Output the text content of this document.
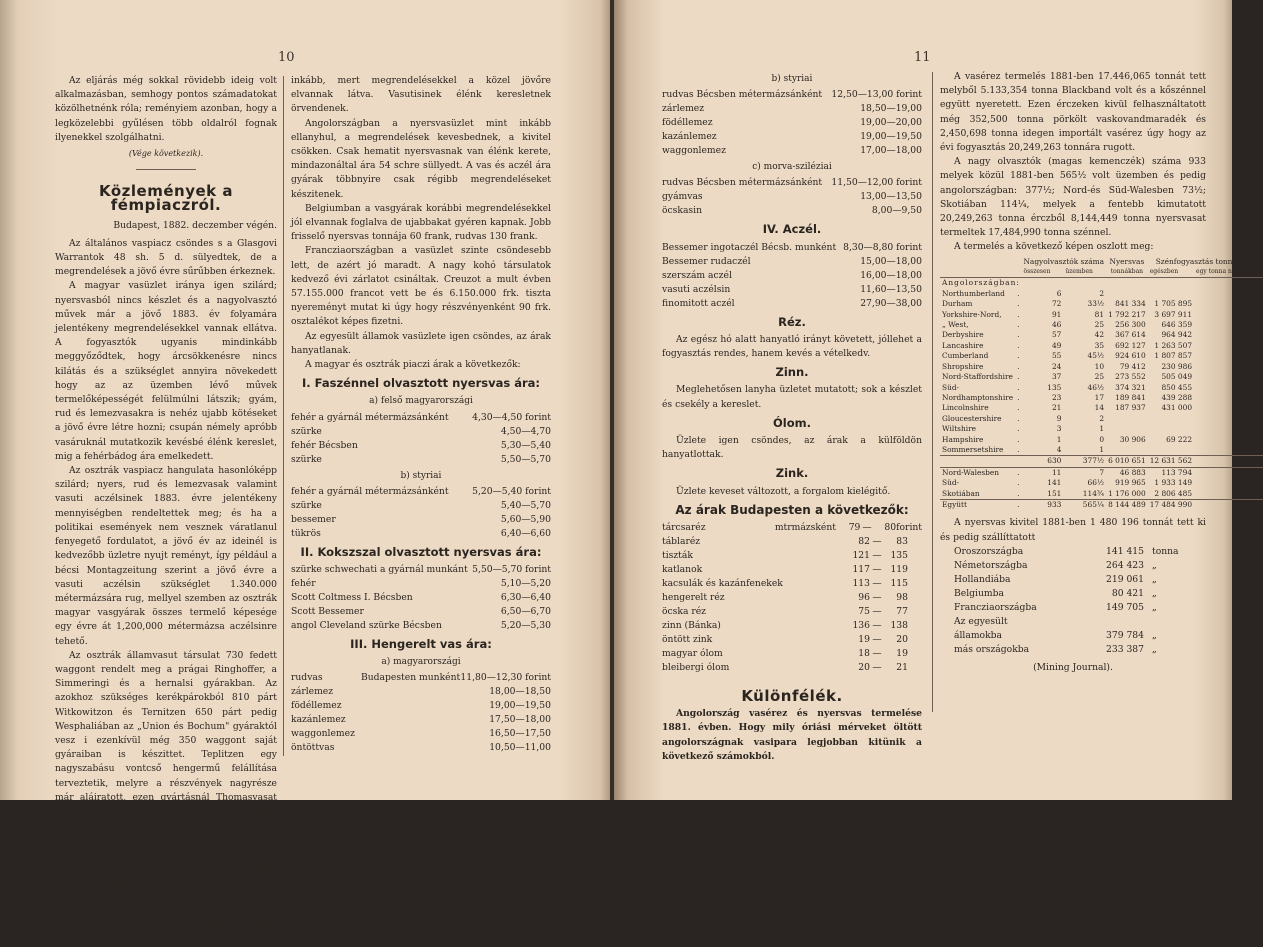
10

Az eljárás még sokkal rövidebb ideig volt alkalmazásban, semhogy pontos számadatokat közölhetnénk róla; reményiem azonban, hogy a legközelebbi gyűlésen több oldalról fognak ilyenekkel szolgálhatni.

(Vége következik).
Közlemények a fémpiaczról.
Budapest, 1882. deczember végén.

Az általános vaspiacz csöndes s a Glasgovi Warrantok 48 sh. 5 d. sülyedtek, de a megrendelések a jövő évre sűrűbben érkeznek.

A magyar vasüzlet iránya igen szilárd; nyersvasból nincs készlet és a nagyolvasztó művek már a jövő 1883. év folyamára jelentékeny megrendelésekkel vannak ellátva. A fogyasztók ugyanis mindinkább meggyőződtek, hogy árcsökkenésre nincs kilátás és a szükséglet annyira növekedett hogy az az üzemben lévő művek termelőképességét felülmúlni látszik; gyám, rud és lemezvasakra is nehéz ujabb kötéseket a jövő évre létre hozni; csupán némely apróbb vasáruknál mutatkozik kevésbé élénk kereslet, mig a fehérbádog ára emelkedett.

Az osztrák vaspiacz hangulata hasonlóképp szilárd; nyers, rud és lemezvasak valamint vasuti aczélsinek 1883. évre jelentékeny mennyiségben rendeltettek meg; és ha a politikai események nem vesznek váratlanul fenyegető fordulatot, a jövő év az ideinél is kedvezőbb üzletre nyujt reményt, így például a bécsi Montagzeitung szerint a jövő évre a vasuti aczélsin szükséglet 1.340.000 métermázsára rug, mellyel szemben az osztrák magyar vasgyárak összes termelő képesége egy évre át 1,200,000 métermázsa aczélsinre tehető.

Az osztrák államvasut társulat 730 fedett waggont rendelt meg a prágai Ringhoffer, a Simmeringi és a hernalsi gyárakban. Az azokhoz szükséges kerékpárokból 810 párt Witkowitzon és Ternitzen 650 párt pedig Wesphaliában az „Union és Bochum" gyáraktól vesz i ezenkívül még 350 waggont saját gyáraiban is készittet. Teplitzen egy nagyszabásu vontcső hengermű felállítása terveztetik, melyre a részvények nagyrésze már aláiratott, ezen gyártásnál Thomasvasat fognak feldolgozni; a csögyár jövedelmezőségét a métermázsánként 5 frtnyi bevételi vám magassága igen elősegíti.

Németországban a vasforgalom csöndes. A nyersvas és rudvas vevők igen tartózkodó állást foglaltak el azon árcsökkenő irányzat szemben, melyet az angol és amerikai nyersvasüzlet felmutat. A német nagyolvasztó művek mindazonáltal ragaszkodnak jelen áraikhoz, annál-

inkább, mert megrendelésekkel a közel jövőre elvannak látva. Vasutisinek élénk keresletnek örvendenek.

Angolországban a nyersvasüzlet mint inkább ellanyhul, a megrendelések kevesbednek, a kivitel csökken. Csak hematit nyersvasnak van élénk kerete, mindazonáltal ára 54 schre süllyedt. A vas és aczél ára gyárak többnyire csak régibb megrendeléseket készitenek.

Belgiumban a vasgyárak korábbi megrendelésekkel jól elvannak foglalva de ujabbakat gyéren kapnak. Jobb frisselő nyersvas tonnája 60 frank, rudvas 130 frank.

Francziaországban a vasüzlet szinte csöndesebb lett, de azért jó maradt. A nagy kohó társulatok kedvező évi zárlatot csináltak. Creuzot a mult évben 57.155.000 francot vett be és 6.150.000 frk. tiszta nyereményt mutat ki úgy hogy részvényenként 90 frk. osztalékot képes fizetni.

Az egyesült államok vasüzlete igen csöndes, az árak hanyatlanak.

A magyar és osztrák piaczi árak a következők:

I. Faszénnel olvasztott nyersvas ára:
a) felső magyarországi
fehér a gyárnál métermázsánként	4,30—4,50 forint
szürke	4,50—4,70
fehér Bécsben	5,30—5,40
szürke	5,50—5,70
b) styriai
fehér a gyárnál métermázsánként	5,20—5,40 forint
szürke	5,40—5,70
bessemer	5,60—5,90
tükrös	6,40—6,60
II. Kokszszal olvasztott nyersvas ára:
szürke schwechati a gyárnál munkánt 5,50—5,70 forint
fehér	5,10—5,20
Scott Coltmess I. Bécsben	6,30—6,40
Scott Bessemer	6,50—6,70
angol Cleveland szürke Bécsben	5,20—5,30
III. Hengerelt vas ára:
a) magyarországi
rudvas	Budapesten munként 11,80—12,30 forint
zárlemez	18,00—18,50
födéllemez	19,00—19,50
kazánlemez	17,50—18,00
waggonlemez	16,50—17,50
öntöttvas	10,50—11,00
11
b) styriai
rudvas Bécsben métermázsánként	12,50—13,00 forint
zárlemez	18,50—19,00
födéllemez	19,00—20,00
kazánlemez	19,00—19,50
waggonlemez	17,00—18,00
c) morva-sziléziai
rudvas Bécsben métermázsánként	11,50—12,00 forint
gyámvas	13,00—13,50
öcskasin	8,00—9,50
IV. Aczél.
Bessemer ingotaczél Bécsb. munként 8,30—8,80 forint
Bessemer rudaczél	15,00—18,00
szerszám aczél	16,00—18,00
vasuti aczélsin	11,60—13,50
finomitott aczél	27,90—38,00
Réz.

Az egész hó alatt hanyatló irányt követett, jóllehet a fogyasztás rendes, hanem kevés a vételkedv.

Zinn.

Meglehetősen lanyha üzletet mutatott; sok a készlet és csekély a kereslet.

Ólom.

Üzlete igen csöndes, az árak a külföldön hanyatlottak.

Zink.

Üzlete keveset változott, a forgalom kielégitő.

Az árak Budapesten a következők:
tárcsaréz	mtrmázsként	79 —	80 forint
táblaréz	82 —	83
tiszták	121 — 135
katlanok	117 — 119
kacsulák és kazánfenekek	113 — 115
hengerelt réz	96 —	98
öcska réz	75 —	77
zinn (Bánka)	136 — 138
öntött zink	19 —	20
magyar ólom	18 —	19
bleibergi ólom	20 —	21
Különfélék.

Angolország vasérez és nyersvas termelése 1881. évben. Hogy mily óriási mérveket öltött angolországnak vasipara legjobban kitünik a következő számokból.

A vasérez termelés 1881-ben 17.446,065 tonnát tett melyből 5.133,354 tonna Blackband volt és a kőszénnel együtt nyeretett. Ezen érczeken kivül felhasználtatott még 352,500 tonna pörkölt vaskovandmaradék és 2,450,698 tonna idegen importált vasérez úgy hogy az évi fogyasztás 20,249,263 tonnára rugott.

A nagy olvasztók (magas kemenczék) száma 933 melyek közül 1881-ben 565½ volt üzemben és pedig angolországban: 377½; Nord-és Süd-Walesben 73½; Skotiában 114¼, melyek a fentebb kimutatott 20,249,263 tonna érczből 8,144,449 tonna nyersvasat termeltek 17,484,990 tonna szénnel.

A termelés a következő képen oszlott meg:

		Nagyolvasztók száma		Nyersvas	Szénfogyasztás tonnákban	
		összesen	üzemben	tonnákban	egészben	egy tonna nyersvasra
Angolországban:						
Northumberland	.	6	2			
Durham	.	72	33½	841 334	1 705 895	2,02
Yorkshire-Nord,	.	91	81	1 792 217	3 697 911	2,06
„ West,	.	46	25	256 300	646 359	2,51
Derbyshire	.	57	42	367 614	964 942	2,06
Lancashire	.	49	35	692 127	1 263 507	1,81
Cumberland	.	55	45½	924 610	1 807 857	1,98
Shropshire	.	24	10	79 412	230 986	2,09
Nord-Staffordshire	.	37	25	273 552	505 049	1,85
Süd-	.	135	46½	374 321	850 455	2,28
Nordhamptonshire	.	23	17	189 841	439 288	2,62
Lincolnshire	.	21	14	187 937	431 000	2,03
Gloucestershire	.	9	2			
Wiltshire	.	3	1			
Hampshire	.	1	0	30 906	69 222	2,25
Sommersetshire	.	4	1			
		630	377½	6 010 651	12 631 562	2,15
Nord-Walesben	.	11	7	46 883	113 794	2,04
Süd-	.	141	66½	919 965	1 933 149	2,11
Skotiában	.	151	114¾	1 176 000	2 806 485	2,39
Együtt	.	933	565¼	8 144 489	17 484 990	2,15

A nyersvas kivitel 1881-ben 1 480 196 tonnát tett ki és pedig szállíttatott

Oroszországba	141 415 tonna
Németországba	264 423 „
Hollandiába	219 061 „
Belgiumba	80 421 „
Francziaországba	149 705 „
Az egyesült
államokba	379 784 „
más országokba	233 387 „
(Mining Journal).
